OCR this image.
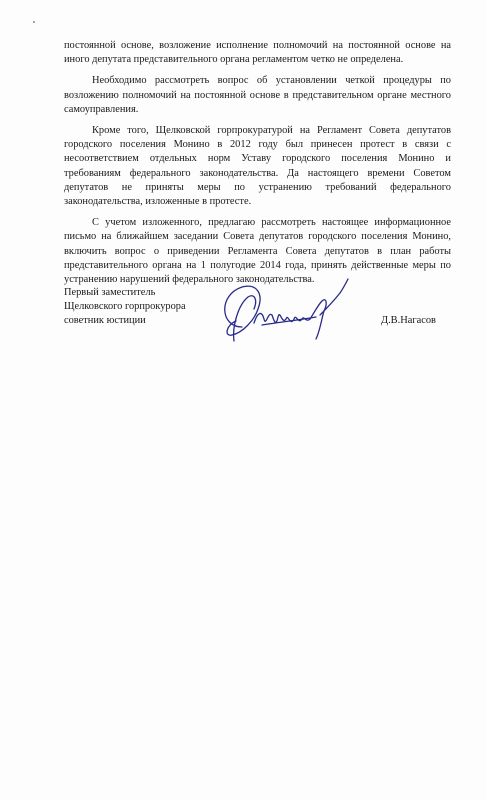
постоянной основе, возложение исполнение полномочий на постоянной основе на иного депутата представительного органа регламентом четко не определена.

Необходимо рассмотреть вопрос об установлении четкой процедуры по возложению полномочий на постоянной основе в представительном органе местного самоуправления.

Кроме того, Щелковской горпрокуратурой на Регламент Совета депутатов городского поселения Монино в 2012 году был принесен протест в связи с несоответствием отдельных норм Уставу городского поселения Монино и требованиям федерального законодательства. Да настоящего времени Советом депутатов не приняты меры по устранению требований федерального законодательства, изложенные в протесте.

С учетом изложенного, предлагаю рассмотреть настоящее информационное письмо на ближайшем заседании Совета депутатов городского поселения Монино, включить вопрос о приведении Регламента Совета депутатов в план работы представительного органа на 1 полугодие 2014 года, принять действенные меры по устранению нарушений федерального законодательства.

Первый заместитель
Щелковского горпрокурора
советник юстиции	Д.В.Нагасов
